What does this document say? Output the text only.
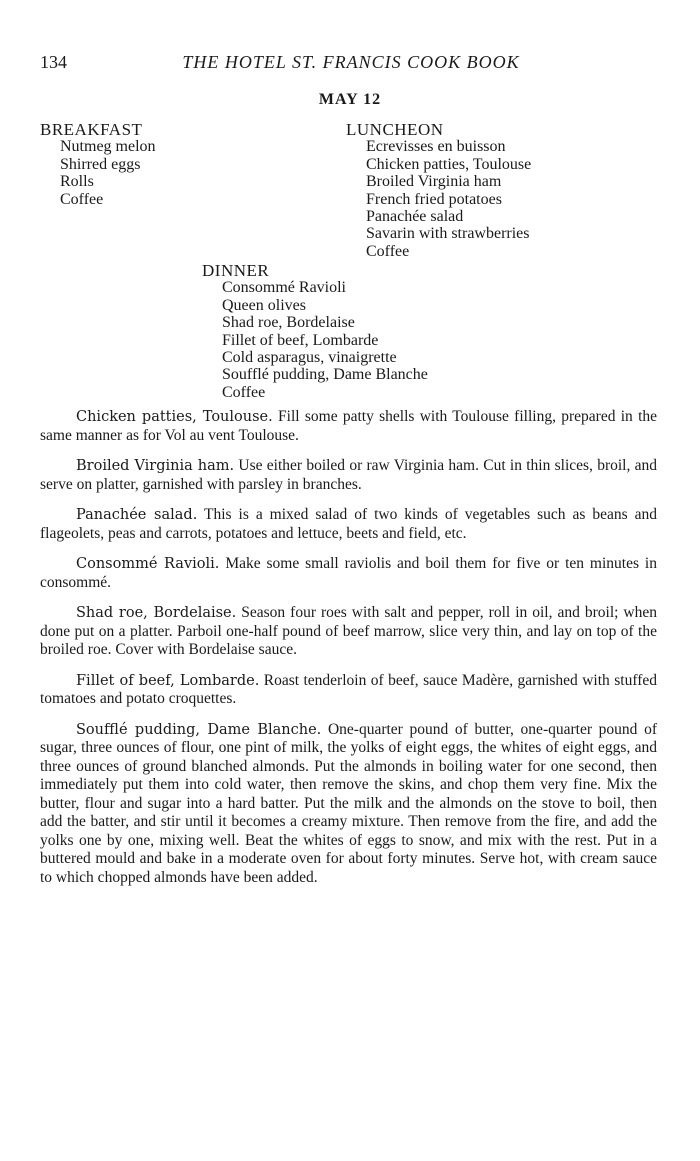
134	THE HOTEL ST. FRANCIS COOK BOOK
MAY 12
BREAKFAST
Nutmeg melon
Shirred eggs
Rolls
Coffee
LUNCHEON
Ecrevisses en buisson
Chicken patties, Toulouse
Broiled Virginia ham
French fried potatoes
Panachée salad
Savarin with strawberries
Coffee
DINNER
Consommé Ravioli
Queen olives
Shad roe, Bordelaise
Fillet of beef, Lombarde
Cold asparagus, vinaigrette
Soufflé pudding, Dame Blanche
Coffee

Chicken patties, Toulouse. Fill some patty shells with Toulouse filling, prepared in the same manner as for Vol au vent Toulouse.

Broiled Virginia ham. Use either boiled or raw Virginia ham. Cut in thin slices, broil, and serve on platter, garnished with parsley in branches.

Panachée salad. This is a mixed salad of two kinds of vegetables such as beans and flageolets, peas and carrots, potatoes and lettuce, beets and field, etc.

Consommé Ravioli. Make some small raviolis and boil them for five or ten minutes in consommé.

Shad roe, Bordelaise. Season four roes with salt and pepper, roll in oil, and broil; when done put on a platter. Parboil one-half pound of beef marrow, slice very thin, and lay on top of the broiled roe. Cover with Bordelaise sauce.

Fillet of beef, Lombarde. Roast tenderloin of beef, sauce Madère, garnished with stuffed tomatoes and potato croquettes.

Soufflé pudding, Dame Blanche. One-quarter pound of butter, one-quarter pound of sugar, three ounces of flour, one pint of milk, the yolks of eight eggs, the whites of eight eggs, and three ounces of ground blanched almonds. Put the almonds in boiling water for one second, then immediately put them into cold water, then remove the skins, and chop them very fine. Mix the butter, flour and sugar into a hard batter. Put the milk and the almonds on the stove to boil, then add the batter, and stir until it becomes a creamy mixture. Then remove from the fire, and add the yolks one by one, mixing well. Beat the whites of eggs to snow, and mix with the rest. Put in a buttered mould and bake in a moderate oven for about forty minutes. Serve hot, with cream sauce to which chopped almonds have been added.
